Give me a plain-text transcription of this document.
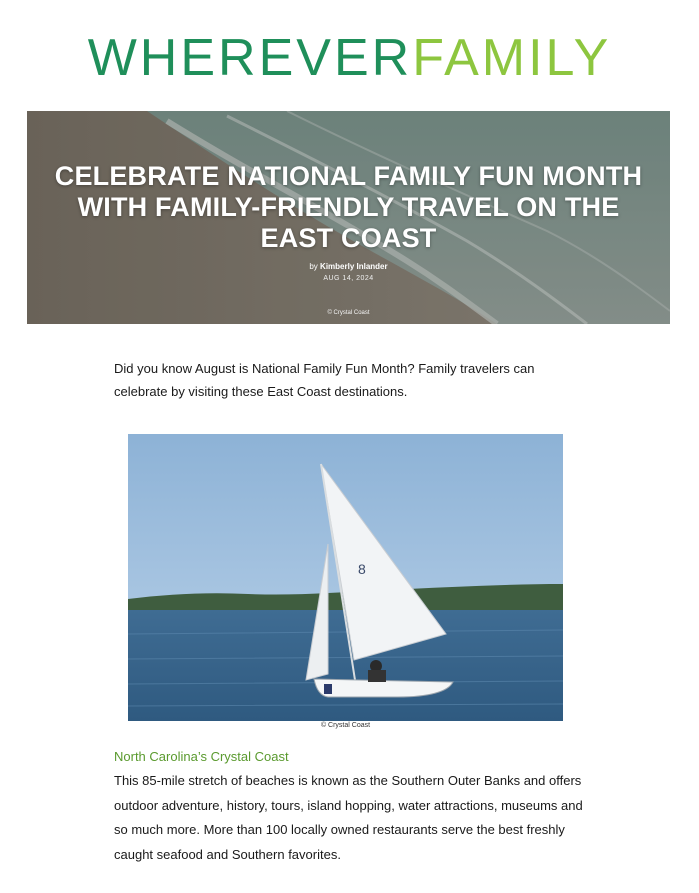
WHEREVERFAMILY
CELEBRATE NATIONAL FAMILY FUN MONTH WITH FAMILY-FRIENDLY TRAVEL ON THE EAST COAST
by Kimberly Inlander
AUG 14, 2024
© Crystal Coast

Did you know August is National Family Fun Month? Family travelers can celebrate by visiting these East Coast destinations.

8
© Crystal Coast
North Carolina’s Crystal Coast

This 85-mile stretch of beaches is known as the Southern Outer Banks and offers outdoor adventure, history, tours, island hopping, water attractions, museums and so much more. More than 100 locally owned restaurants serve the best freshly caught seafood and Southern favorites.
